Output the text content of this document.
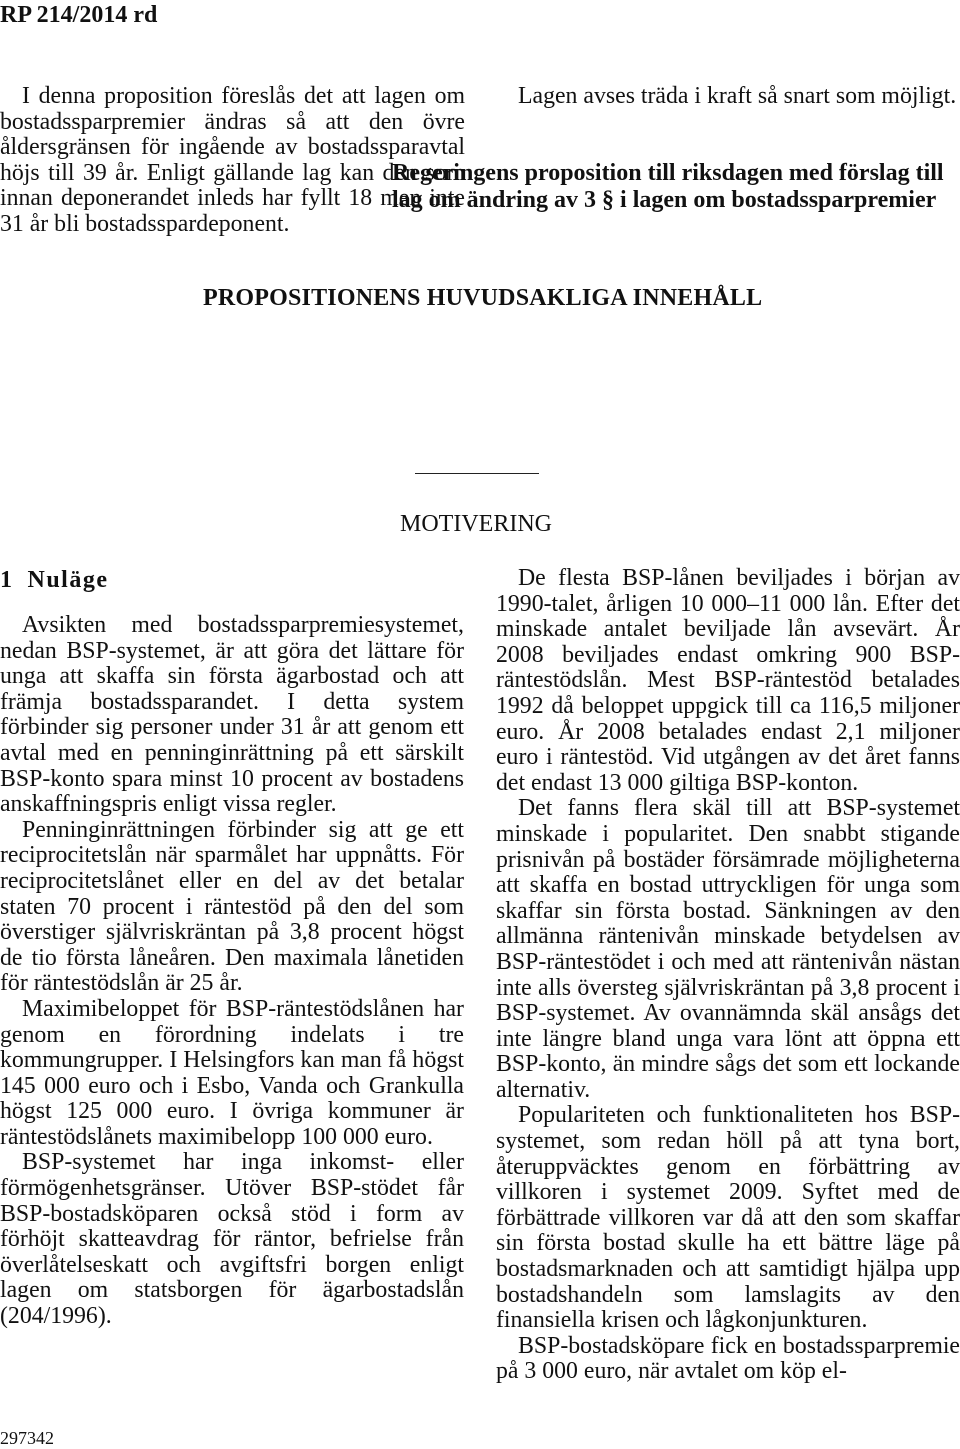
RP 214/2014 rd
Regeringens proposition till riksdagen med förslag till
lag om ändring av 3 § i lagen om bostadssparpremier
PROPOSITIONENS HUVUDSAKLIGA INNEHÅLL

I denna proposition föreslås det att lagen om bostadssparpremier ändras så att den övre åldersgränsen för ingående av bostadssparavtal höjs till 39 år. Enligt gällande lag kan den som innan deponerandet inleds har fyllt 18 men inte 31 år bli bostadsspardeponent.

Lagen avses träda i kraft så snart som möjligt.

MOTIVERING
1 Nuläge

Avsikten med bostadssparpremiesystemet, nedan BSP-systemet, är att göra det lättare för unga att skaffa sin första ägarbostad och att främja bostadssparandet. I detta system förbinder sig personer under 31 år att genom ett avtal med en penninginrättning på ett särskilt BSP-konto spara minst 10 procent av bostadens anskaffningspris enligt vissa regler.

Penninginrättningen förbinder sig att ge ett reciprocitetslån när sparmålet har uppnåtts. För reciprocitetslånet eller en del av det betalar staten 70 procent i räntestöd på den del som överstiger självriskräntan på 3,8 procent högst de tio första låneåren. Den maximala lånetiden för räntestödslån är 25 år.

Maximibeloppet för BSP-räntestödslånen har genom en förordning indelats i tre kommungrupper. I Helsingfors kan man få högst 145 000 euro och i Esbo, Vanda och Grankulla högst 125 000 euro. I övriga kommuner är räntestödslånets maximibelopp 100 000 euro.

BSP-systemet har inga inkomst- eller förmögenhetsgränser. Utöver BSP-stödet får BSP-bostadsköparen också stöd i form av förhöjt skatteavdrag för räntor, befrielse från överlåtelseskatt och avgiftsfri borgen enligt lagen om statsborgen för ägarbostadslån (204/1996).

De flesta BSP-lånen beviljades i början av 1990-talet, årligen 10 000–11 000 lån. Efter det minskade antalet beviljade lån avsevärt. År 2008 beviljades endast omkring 900 BSP-räntestödslån. Mest BSP-räntestöd betalades 1992 då beloppet uppgick till ca 116,5 miljoner euro. År 2008 betalades endast 2,1 miljoner euro i räntestöd. Vid utgången av det året fanns det endast 13 000 giltiga BSP-konton.

Det fanns flera skäl till att BSP-systemet minskade i popularitet. Den snabbt stigande prisnivån på bostäder försämrade möjligheterna att skaffa en bostad uttryckligen för unga som skaffar sin första bostad. Sänkningen av den allmänna räntenivån minskade betydelsen av BSP-räntestödet i och med att räntenivån nästan inte alls översteg självriskräntan på 3,8 procent i BSP-systemet. Av ovannämnda skäl ansågs det inte längre bland unga vara lönt att öppna ett BSP-konto, än mindre sågs det som ett lockande alternativ.

Populariteten och funktionaliteten hos BSP-systemet, som redan höll på att tyna bort, återuppväcktes genom en förbättring av villkoren i systemet 2009. Syftet med de förbättrade villkoren var då att den som skaffar sin första bostad skulle ha ett bättre läge på bostadsmarknaden och att samtidigt hjälpa upp bostadshandeln som lamslagits av den finansiella krisen och lågkonjunkturen.

BSP-bostadsköpare fick en bostadssparpremie på 3 000 euro, när avtalet om köp el-

297342
